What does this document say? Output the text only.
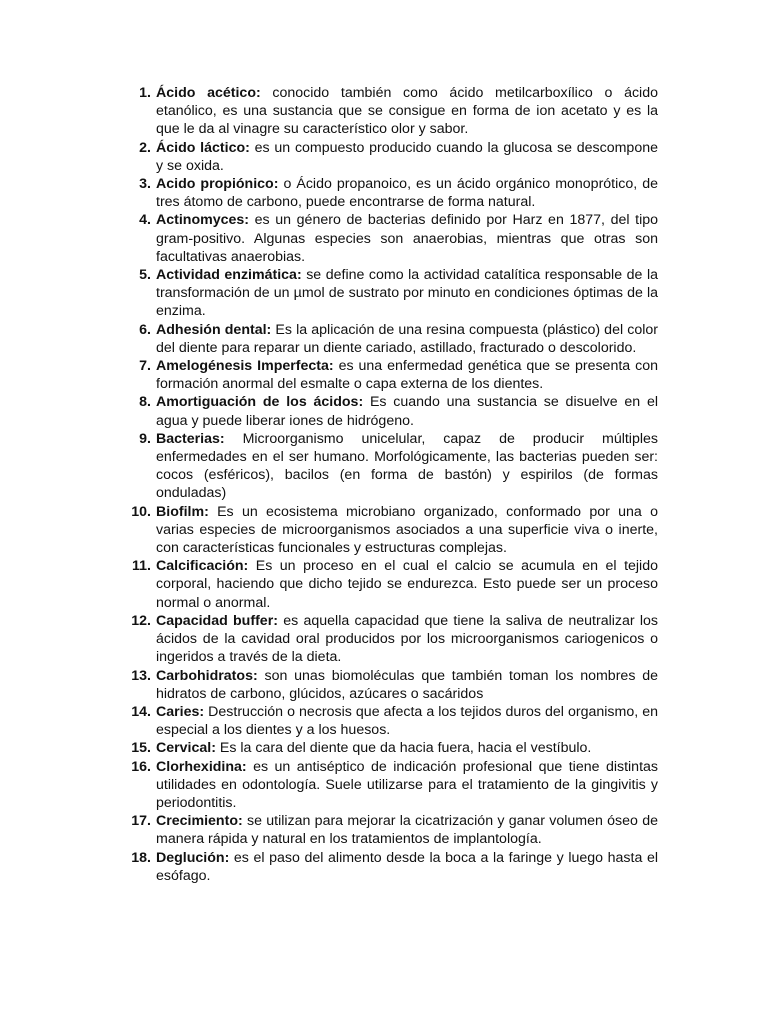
1. Ácido acético: conocido también como ácido metilcarboxílico o ácido etanólico, es una sustancia que se consigue en forma de ion acetato y es la que le da al vinagre su característico olor y sabor.
2. Ácido láctico: es un compuesto producido cuando la glucosa se descompone y se oxida.
3. Acido propiónico: o Ácido propanoico, es un ácido orgánico monoprótico, de tres átomo de carbono, puede encontrarse de forma natural.
4. Actinomyces: es un género de bacterias definido por Harz en 1877, del tipo gram-positivo. Algunas especies son anaerobias, mientras que otras son facultativas anaerobias.
5. Actividad enzimática: se define como la actividad catalítica responsable de la transformación de un µmol de sustrato por minuto en condiciones óptimas de la enzima.
6. Adhesión dental: Es la aplicación de una resina compuesta (plástico) del color del diente para reparar un diente cariado, astillado, fracturado o descolorido.
7. Amelogénesis Imperfecta: es una enfermedad genética que se presenta con formación anormal del esmalte o capa externa de los dientes.
8. Amortiguación de los ácidos: Es cuando una sustancia se disuelve en el agua y puede liberar iones de hidrógeno.
9. Bacterias: Microorganismo unicelular, capaz de producir múltiples enfermedades en el ser humano. Morfológicamente, las bacterias pueden ser: cocos (esféricos), bacilos (en forma de bastón) y espirilos (de formas onduladas)
10. Biofilm: Es un ecosistema microbiano organizado, conformado por una o varias especies de microorganismos asociados a una superficie viva o inerte, con características funcionales y estructuras complejas.
11. Calcificación: Es un proceso en el cual el calcio se acumula en el tejido corporal, haciendo que dicho tejido se endurezca. Esto puede ser un proceso normal o anormal.
12. Capacidad buffer: es aquella capacidad que tiene la saliva de neutralizar los ácidos de la cavidad oral producidos por los microorganismos cariogenicos o ingeridos a través de la dieta.
13. Carbohidratos: son unas biomoléculas que también toman los nombres de hidratos de carbono, glúcidos, azúcares o sacáridos
14. Caries: Destrucción o necrosis que afecta a los tejidos duros del organismo, en especial a los dientes y a los huesos.
15. Cervical: Es la cara del diente que da hacia fuera, hacia el vestíbulo.
16. Clorhexidina: es un antiséptico de indicación profesional que tiene distintas utilidades en odontología. Suele utilizarse para el tratamiento de la gingivitis y periodontitis.
17. Crecimiento: se utilizan para mejorar la cicatrización y ganar volumen óseo de manera rápida y natural en los tratamientos de implantología.
18. Deglución: es el paso del alimento desde la boca a la faringe y luego hasta el esófago.
